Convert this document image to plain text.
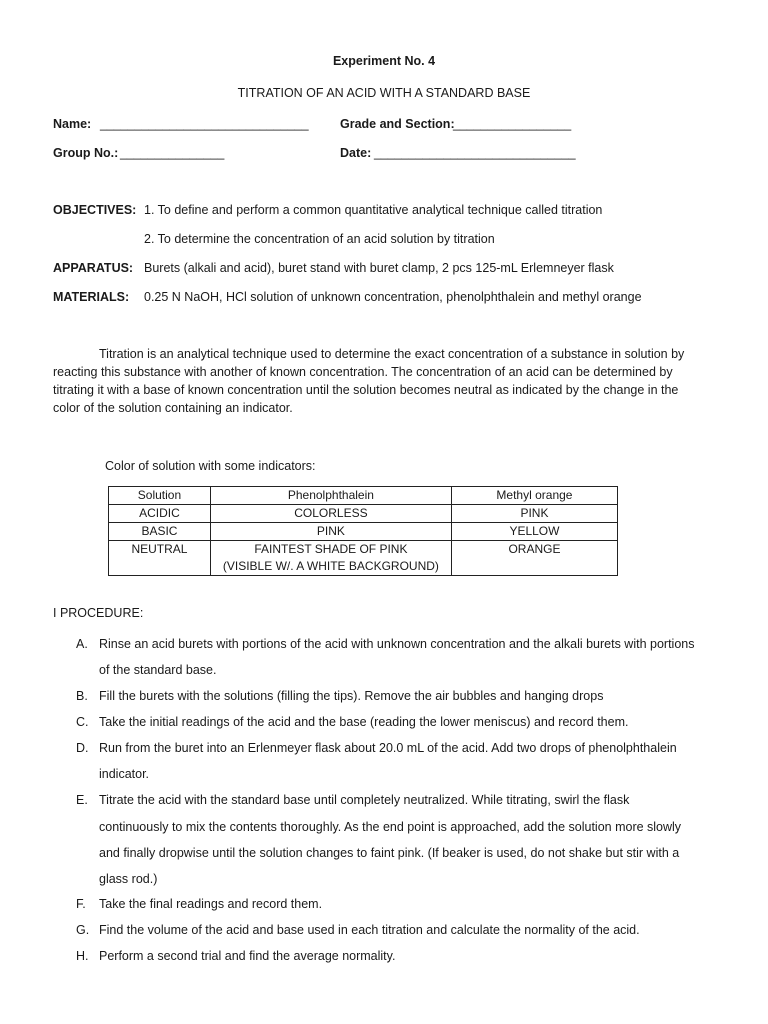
Experiment No. 4
TITRATION OF AN ACID WITH A STANDARD BASE
Name: ______________________________	Grade and Section:
_________________
Group No.: _______________	Date: _____________________________
OBJECTIVES: 1. To define and perform a common quantitative analytical technique called titration
2. To determine the concentration of an acid solution by titration
APPARATUS: Burets (alkali and acid), buret stand with buret clamp, 2 pcs 125-mL Erlemneyer flask
MATERIALS: 0.25 N NaOH, HCl solution of unknown concentration, phenolphthalein and methyl orange
Titration is an analytical technique used to determine the exact concentration of a substance in solution by
reacting this substance with another of known concentration. The concentration of an acid can be determined by
titrating it with a base of known concentration until the solution becomes neutral as indicated by the change in the
color of the solution containing an indicator.
Color of solution with some indicators:
Solution	Phenolphthalein	Methyl orange
ACIDIC	COLORLESS	PINK
BASIC	PINK	YELLOW
NEUTRAL	FAINTEST SHADE OF PINK	ORANGE
	(VISIBLE W/. A WHITE BACKGROUND)	
I PROCEDURE:
A. Rinse an acid burets with portions of the acid with unknown concentration and the alkali burets with portions
of the standard base.
B. Fill the burets with the solutions (filling the tips). Remove the air bubbles and hanging drops
C. Take the initial readings of the acid and the base (reading the lower meniscus) and record them.
D. Run from the buret into an Erlenmeyer flask about 20.0 mL of the acid. Add two drops of phenolphthalein
indicator.
E. Titrate the acid with the standard base until completely neutralized. While titrating, swirl the flask
continuously to mix the contents thoroughly. As the end point is approached, add the solution more slowly
and finally dropwise until the solution changes to faint pink. (If beaker is used, do not shake but stir with a
glass rod.)
F. Take the final readings and record them.
G. Find the volume of the acid and base used in each titration and calculate the normality of the acid.
H. Perform a second trial and find the average normality.
